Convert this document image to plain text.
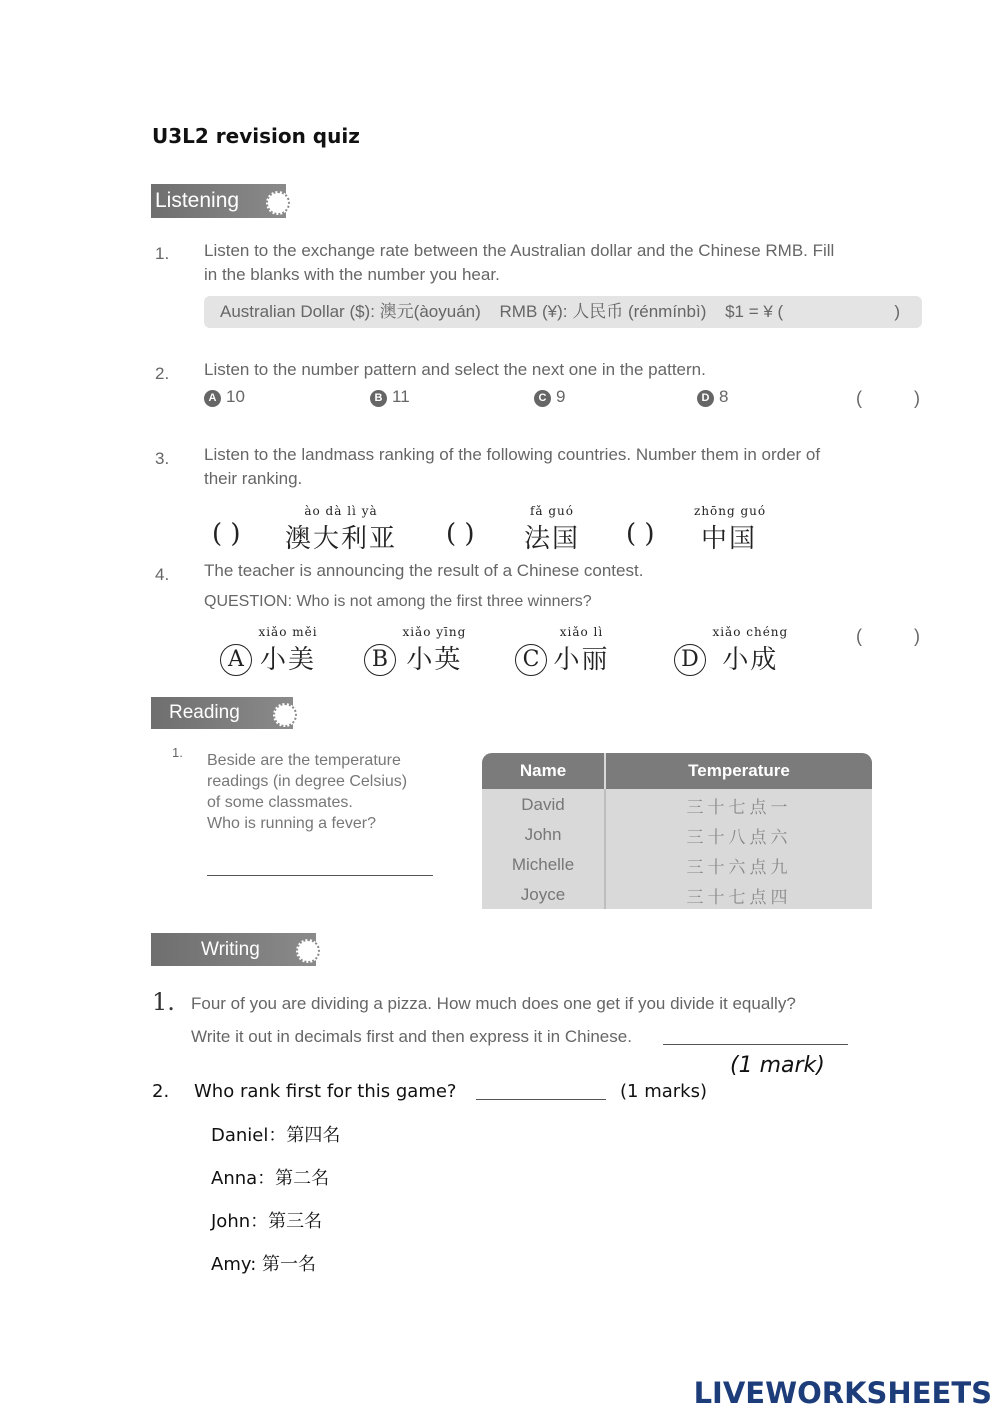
U3L2 revision quiz
Listening
1. Listen to the exchange rate between the Australian dollar and the Chinese RMB. Fill
in the blanks with the number you hear.
Australian Dollar ($): 澳元(àoyuán) RMB (¥): 人民币 (rénmínbì) $1 = ¥ (	)
2. Listen to the number pattern and select the next one in the pattern.
A 10	B 11	C 9	D 8	(	)
3. Listen to the landmass ranking of the following countries. Number them in order of
their ranking.
( )
ào dà lì yà
澳大利亚 ( )
fǎ guó
法国 ( )
zhōng guó
中国
4. The teacher is announcing the result of a Chinese contest.
QUESTION: Who is not among the first three winners?
A
xiǎo měi
小美	B
xiǎo yīng
小英	C
xiǎo lì
小丽	D
xiǎo chéng
小成
(	)
Reading
1. Beside are the temperature
readings (in degree Celsius)
of some classmates.
Who is running a fever?
Name	Temperature
David	三十七点一
John	三十八点六
Michelle	三十六点九
Joyce	三十七点四
Writing
1. Four of you are dividing a pizza. How much does one get if you divide it equally?
Write it out in decimals first and then express it in Chinese.
(1 mark)
2. Who rank first for this game?	(1 marks)
Daniel：第四名
Anna：第二名
John：第三名
Amy: 第一名
LIVEWORKSHEETS
